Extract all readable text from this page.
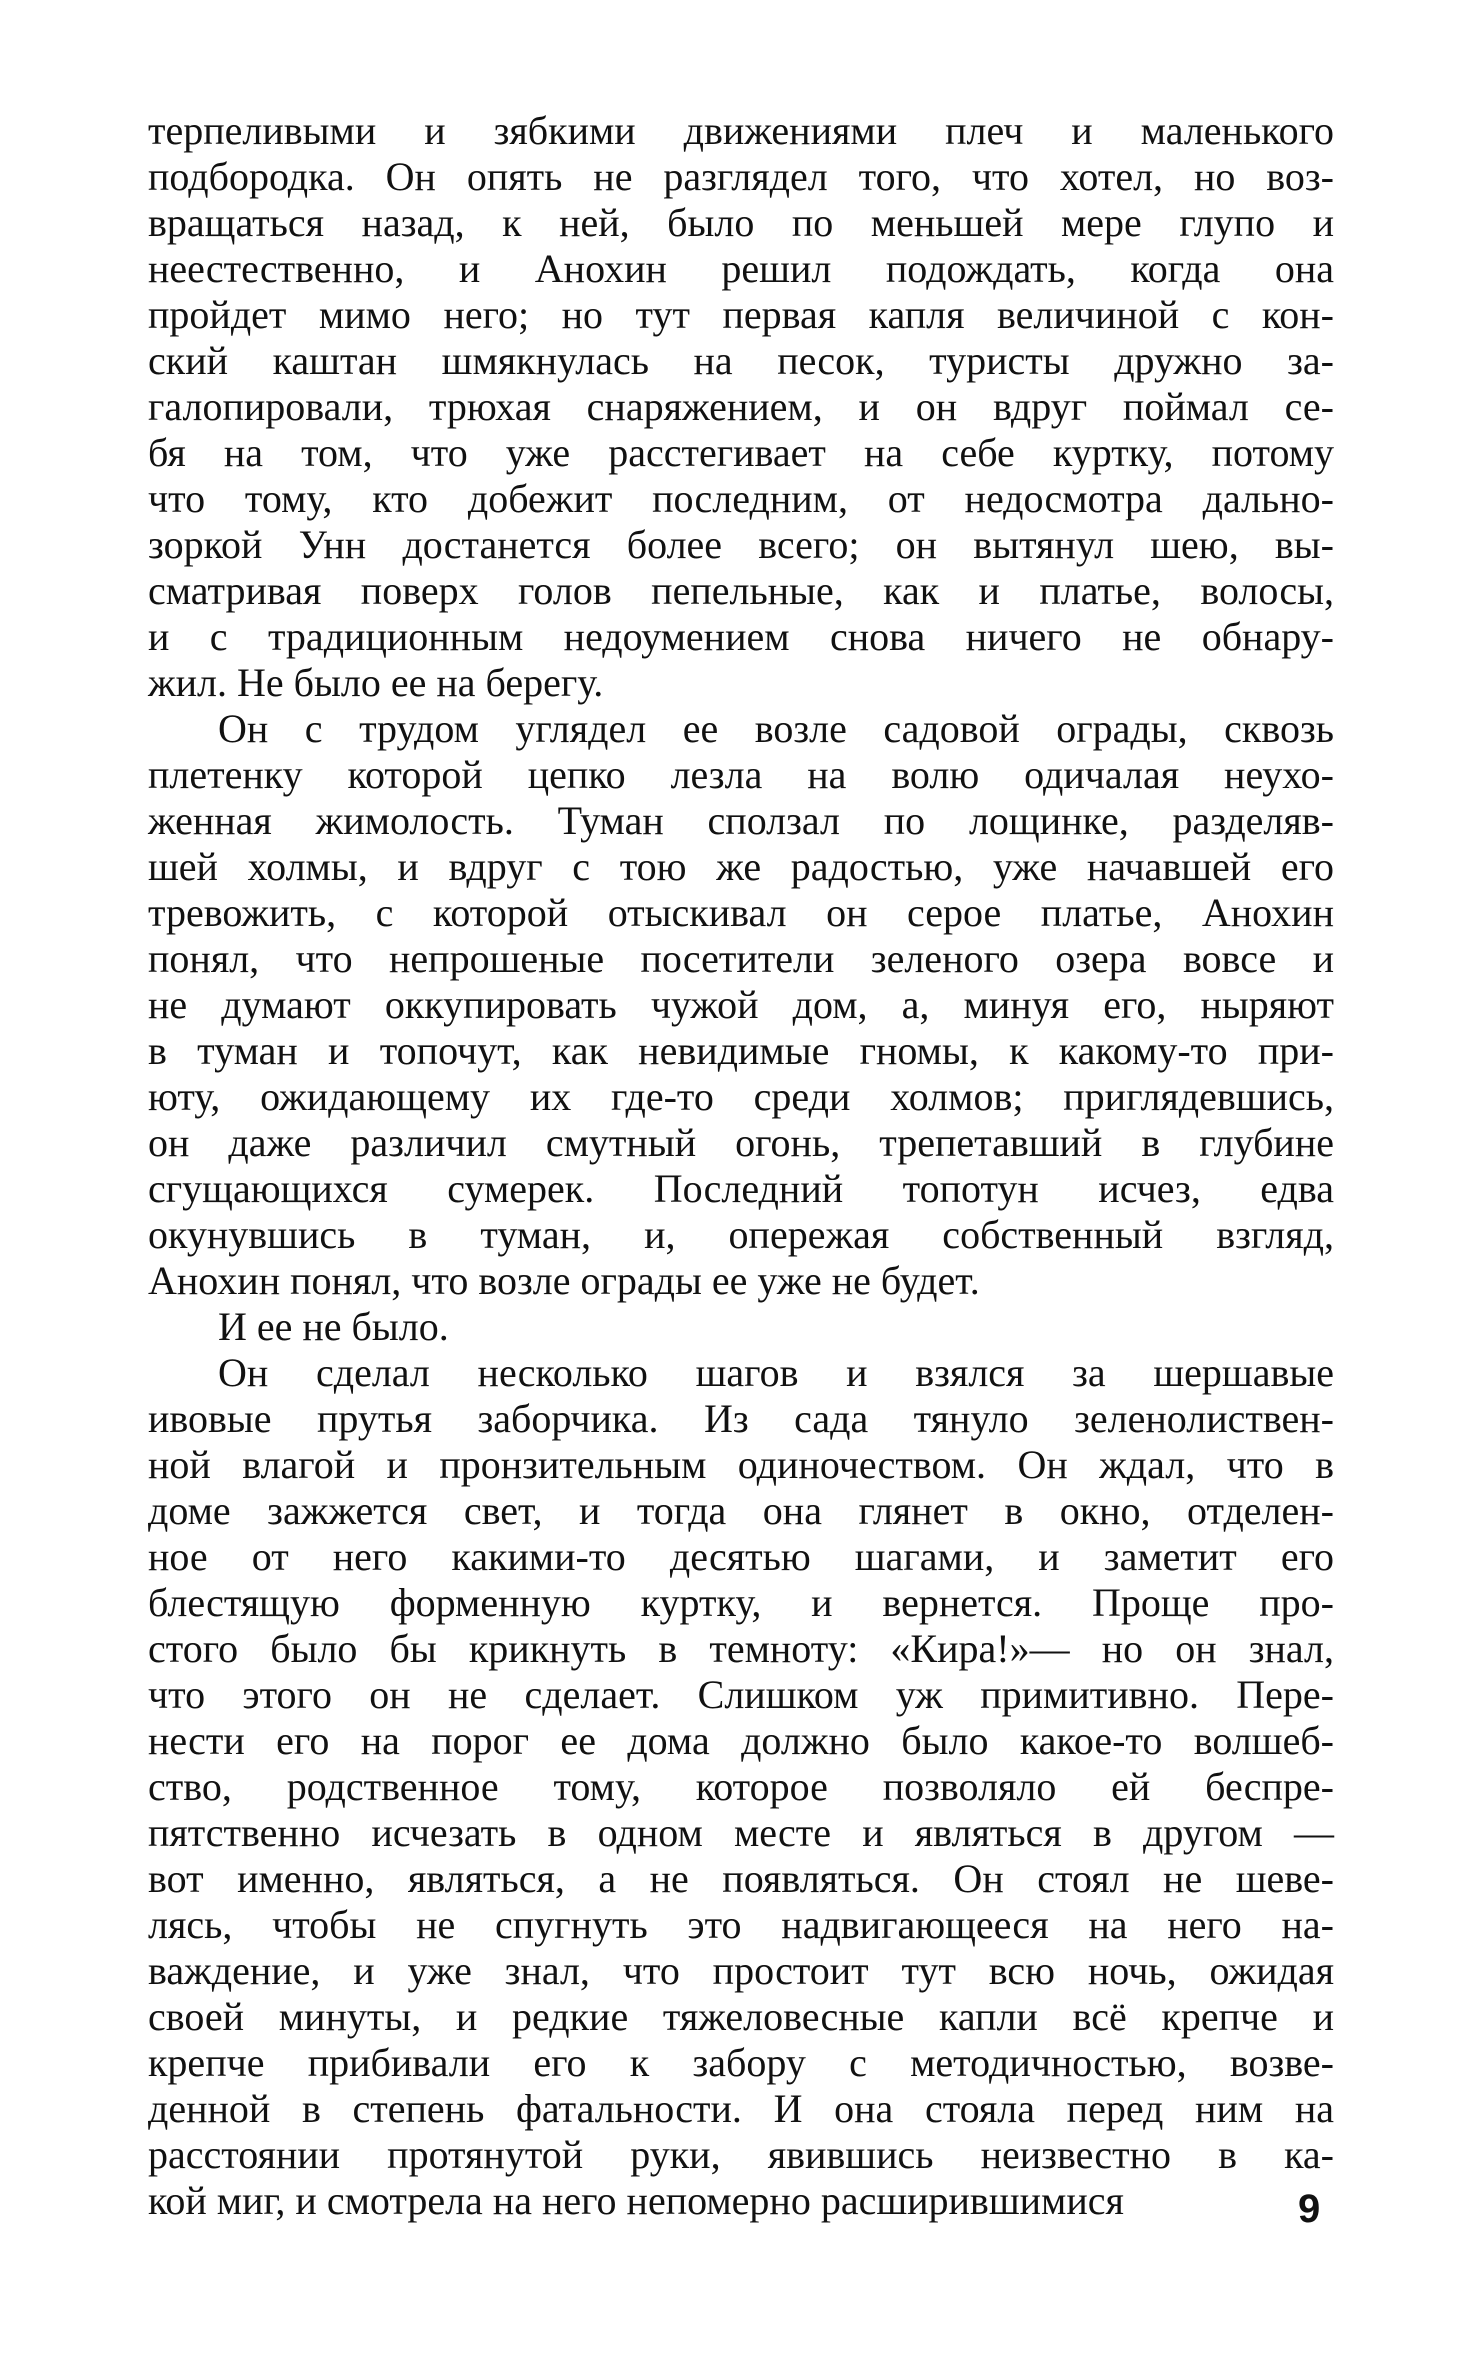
терпеливыми и зябкими движениями плеч и маленького
подбородка. Он опять не разглядел того, что хотел, но воз-
вращаться назад, к ней, было по меньшей мере глупо и
неестественно, и Анохин решил подождать, когда она
пройдет мимо него; но тут первая капля величиной с кон-
ский каштан шмякнулась на песок, туристы дружно за-
галопировали, трюхая снаряжением, и он вдруг поймал се-
бя на том, что уже расстегивает на себе куртку, потому
что тому, кто добежит последним, от недосмотра дально-
зоркой Унн достанется более всего; он вытянул шею, вы-
сматривая поверх голов пепельные, как и платье, волосы,
и с традиционным недоумением снова ничего не обнару-
жил. Не было ее на берегу.
Он с трудом углядел ее возле садовой ограды, сквозь
плетенку которой цепко лезла на волю одичалая неухо-
женная жимолость. Туман сползал по лощинке, разделяв-
шей холмы, и вдруг с тою же радостью, уже начавшей его
тревожить, с которой отыскивал он серое платье, Анохин
понял, что непрошеные посетители зеленого озера вовсе и
не думают оккупировать чужой дом, а, минуя его, ныряют
в туман и топочут, как невидимые гномы, к какому-то при-
юту, ожидающему их где-то среди холмов; приглядевшись,
он даже различил смутный огонь, трепетавший в глубине
сгущающихся сумерек. Последний топотун исчез, едва
окунувшись в туман, и, опережая собственный взгляд,
Анохин понял, что возле ограды ее уже не будет.
И ее не было.
Он сделал несколько шагов и взялся за шершавые
ивовые прутья заборчика. Из сада тянуло зеленолиствен-
ной влагой и пронзительным одиночеством. Он ждал, что в
доме зажжется свет, и тогда она глянет в окно, отделен-
ное от него какими-то десятью шагами, и заметит его
блестящую форменную куртку, и вернется. Проще про-
стого было бы крикнуть в темноту: «Кира!»— но он знал,
что этого он не сделает. Слишком уж примитивно. Пере-
нести его на порог ее дома должно было какое-то волшеб-
ство, родственное тому, которое позволяло ей беспре-
пятственно исчезать в одном месте и являться в другом —
вот именно, являться, а не появляться. Он стоял не шеве-
лясь, чтобы не спугнуть это надвигающееся на него на-
важдение, и уже знал, что простоит тут всю ночь, ожидая
своей минуты, и редкие тяжеловесные капли всё крепче и
крепче прибивали его к забору с методичностью, возве-
денной в степень фатальности. И она стояла перед ним на
расстоянии протянутой руки, явившись неизвестно в ка-
кой миг, и смотрела на него непомерно расширившимися	9
